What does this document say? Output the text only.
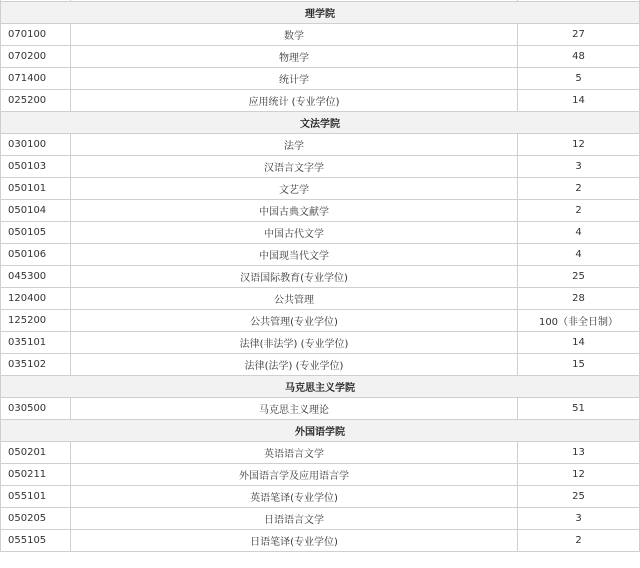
理学院		
070100	数学	27
070200	物理学	48
071400	统计学	5
025200	应用统计 (专业学位)	14
文法学院		
030100	法学	12
050103	汉语言文字学	3
050101	文艺学	2
050104	中国古典文献学	2
050105	中国古代文学	4
050106	中国现当代文学	4
045300	汉语国际教育(专业学位)	25
120400	公共管理	28
125200	公共管理(专业学位)	100（非全日制）
035101	法律(非法学) (专业学位)	14
035102	法律(法学) (专业学位)	15
马克思主义学院		
030500	马克思主义理论	51
外国语学院		
050201	英语语言文学	13
050211	外国语言学及应用语言学	12
055101	英语笔译(专业学位)	25
050205	日语语言文学	3
055105	日语笔译(专业学位)	2
